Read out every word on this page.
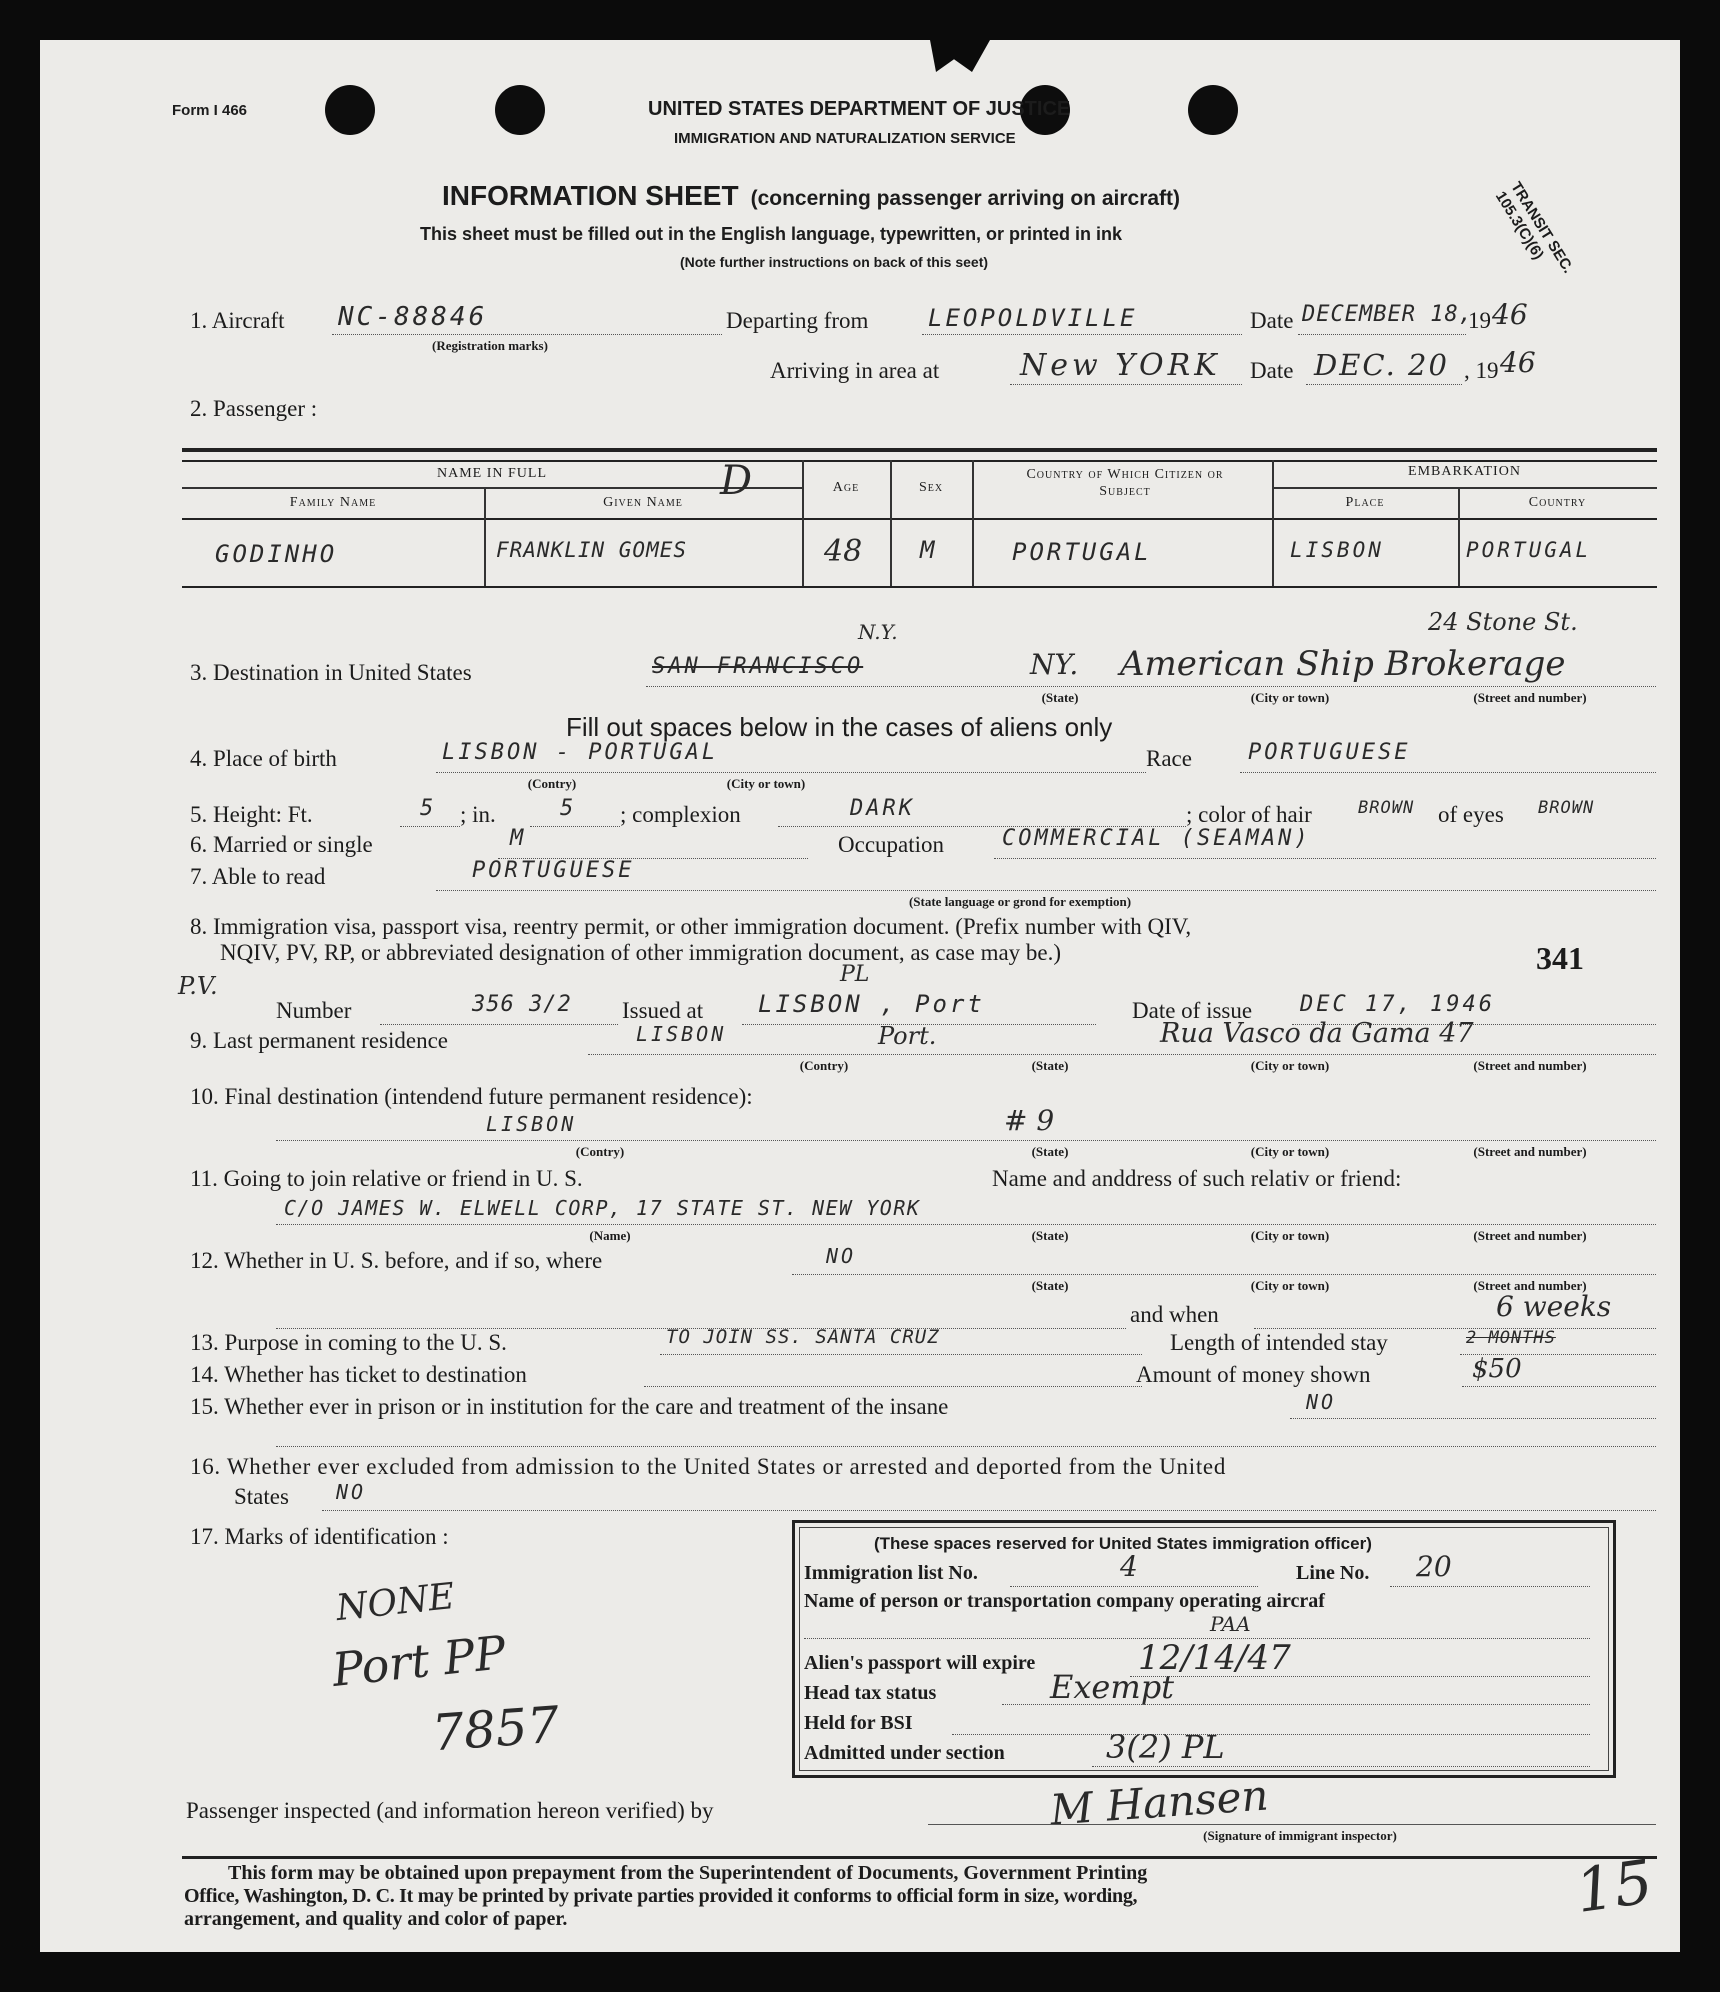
Form I 466	UNITED STATES DEPARTMENT OF JUSTICE
IMMIGRATION AND NATURALIZATION SERVICE
INFORMATION SHEET (concerning passenger arriving on aircraft)
This sheet must be filled out in the English language, typewritten, or printed in ink
(Note further instructions on back of this seet)	TRANSIT SEC. 105.3(C)(6)
1. Aircraft NC-88846
(Registration marks)
Departing from LEOPOLDVILLE	Date DECEMBER 18,
19 46
Arriving in area at	New YORK Date DEC. 20 , 19 46
2. Passenger :
NAME IN FULL
Family Name	Given Name D	Age	Sex
Country of Which Citizen or Subject
EMBARKATION
Place	Country
GODINHO	FRANKLIN GOMES	48 M	PORTUGAL	LISBON	PORTUGAL
3. Destination in United States	SAN FRANCISCO
N.Y.
NY. American Ship Brokerage
24 Stone St.
(State)	(City or town)	(Street and number)
Fill out spaces below in the cases of aliens only
4. Place of birth	LISBON - PORTUGAL
(Contry)	(City or town)
Race	PORTUGUESE
5. Height: Ft.	5 ; in.	5 ; complexion	DARK	; color of hair	BROWN of eyes BROWN
6. Married or single	M	Occupation	COMMERCIAL (SEAMAN)
7. Able to read	PORTUGUESE
(State language or grond for exemption)
8. Immigration visa, passport visa, reentry permit, or other immigration document. (Prefix number with QIV,
NQIV, PV, RP, or abbreviated designation of other immigration document, as case may be.)	341
P.V.
Number	356 3/2 Issued at
PL
LISBON , Port	Date of issue DEC 17, 1946
9. Last permanent residence	LISBON	Port.	Rua Vasco da Gama 47
(Contry)	(State)	(City or town)	(Street and number)
10. Final destination (intendend future permanent residence):
LISBON	# 9
(Contry)	(State)	(City or town)	(Street and number)
11. Going to join relative or friend in U. S.	Name and anddress of such relativ or friend:
C/O JAMES W. ELWELL CORP, 17 STATE ST. NEW YORK
(Name)	(State)	(City or town)	(Street and number)
12. Whether in U. S. before, and if so, where	NO
(State)	(City or town)	(Street and number)
and when
13. Purpose in coming to the U. S.	TO JOIN SS. SANTA CRUZ	Length of intended stay
6 weeks
2 MONTHS
14. Whether has ticket to destination	Amount of money shown	$50
15. Whether ever in prison or in institution for the care and treatment of the insane	NO
16. Whether ever excluded from admission to the United States or arrested and deported from the United
States NO
17. Marks of identification :
NONE
Port PP
7857
(These spaces reserved for United States immigration officer)
Immigration list No.	4	Line No. 20
Name of person or transportation company operating aircraf
PAA
Alien's passport will expire	12/14/47
Head tax status	Exempt
Held for BSI
Admitted under section	3(2) PL
Passenger inspected (and information hereon verified) by	M Hansen
(Signature of immigrant inspector)
This form may be obtained upon prepayment from the Superintendent of Documents, Government Printing
Office, Washington, D. C. It may be printed by private parties provided it conforms to official form in size, wording,
arrangement, and quality and color of paper.	15
